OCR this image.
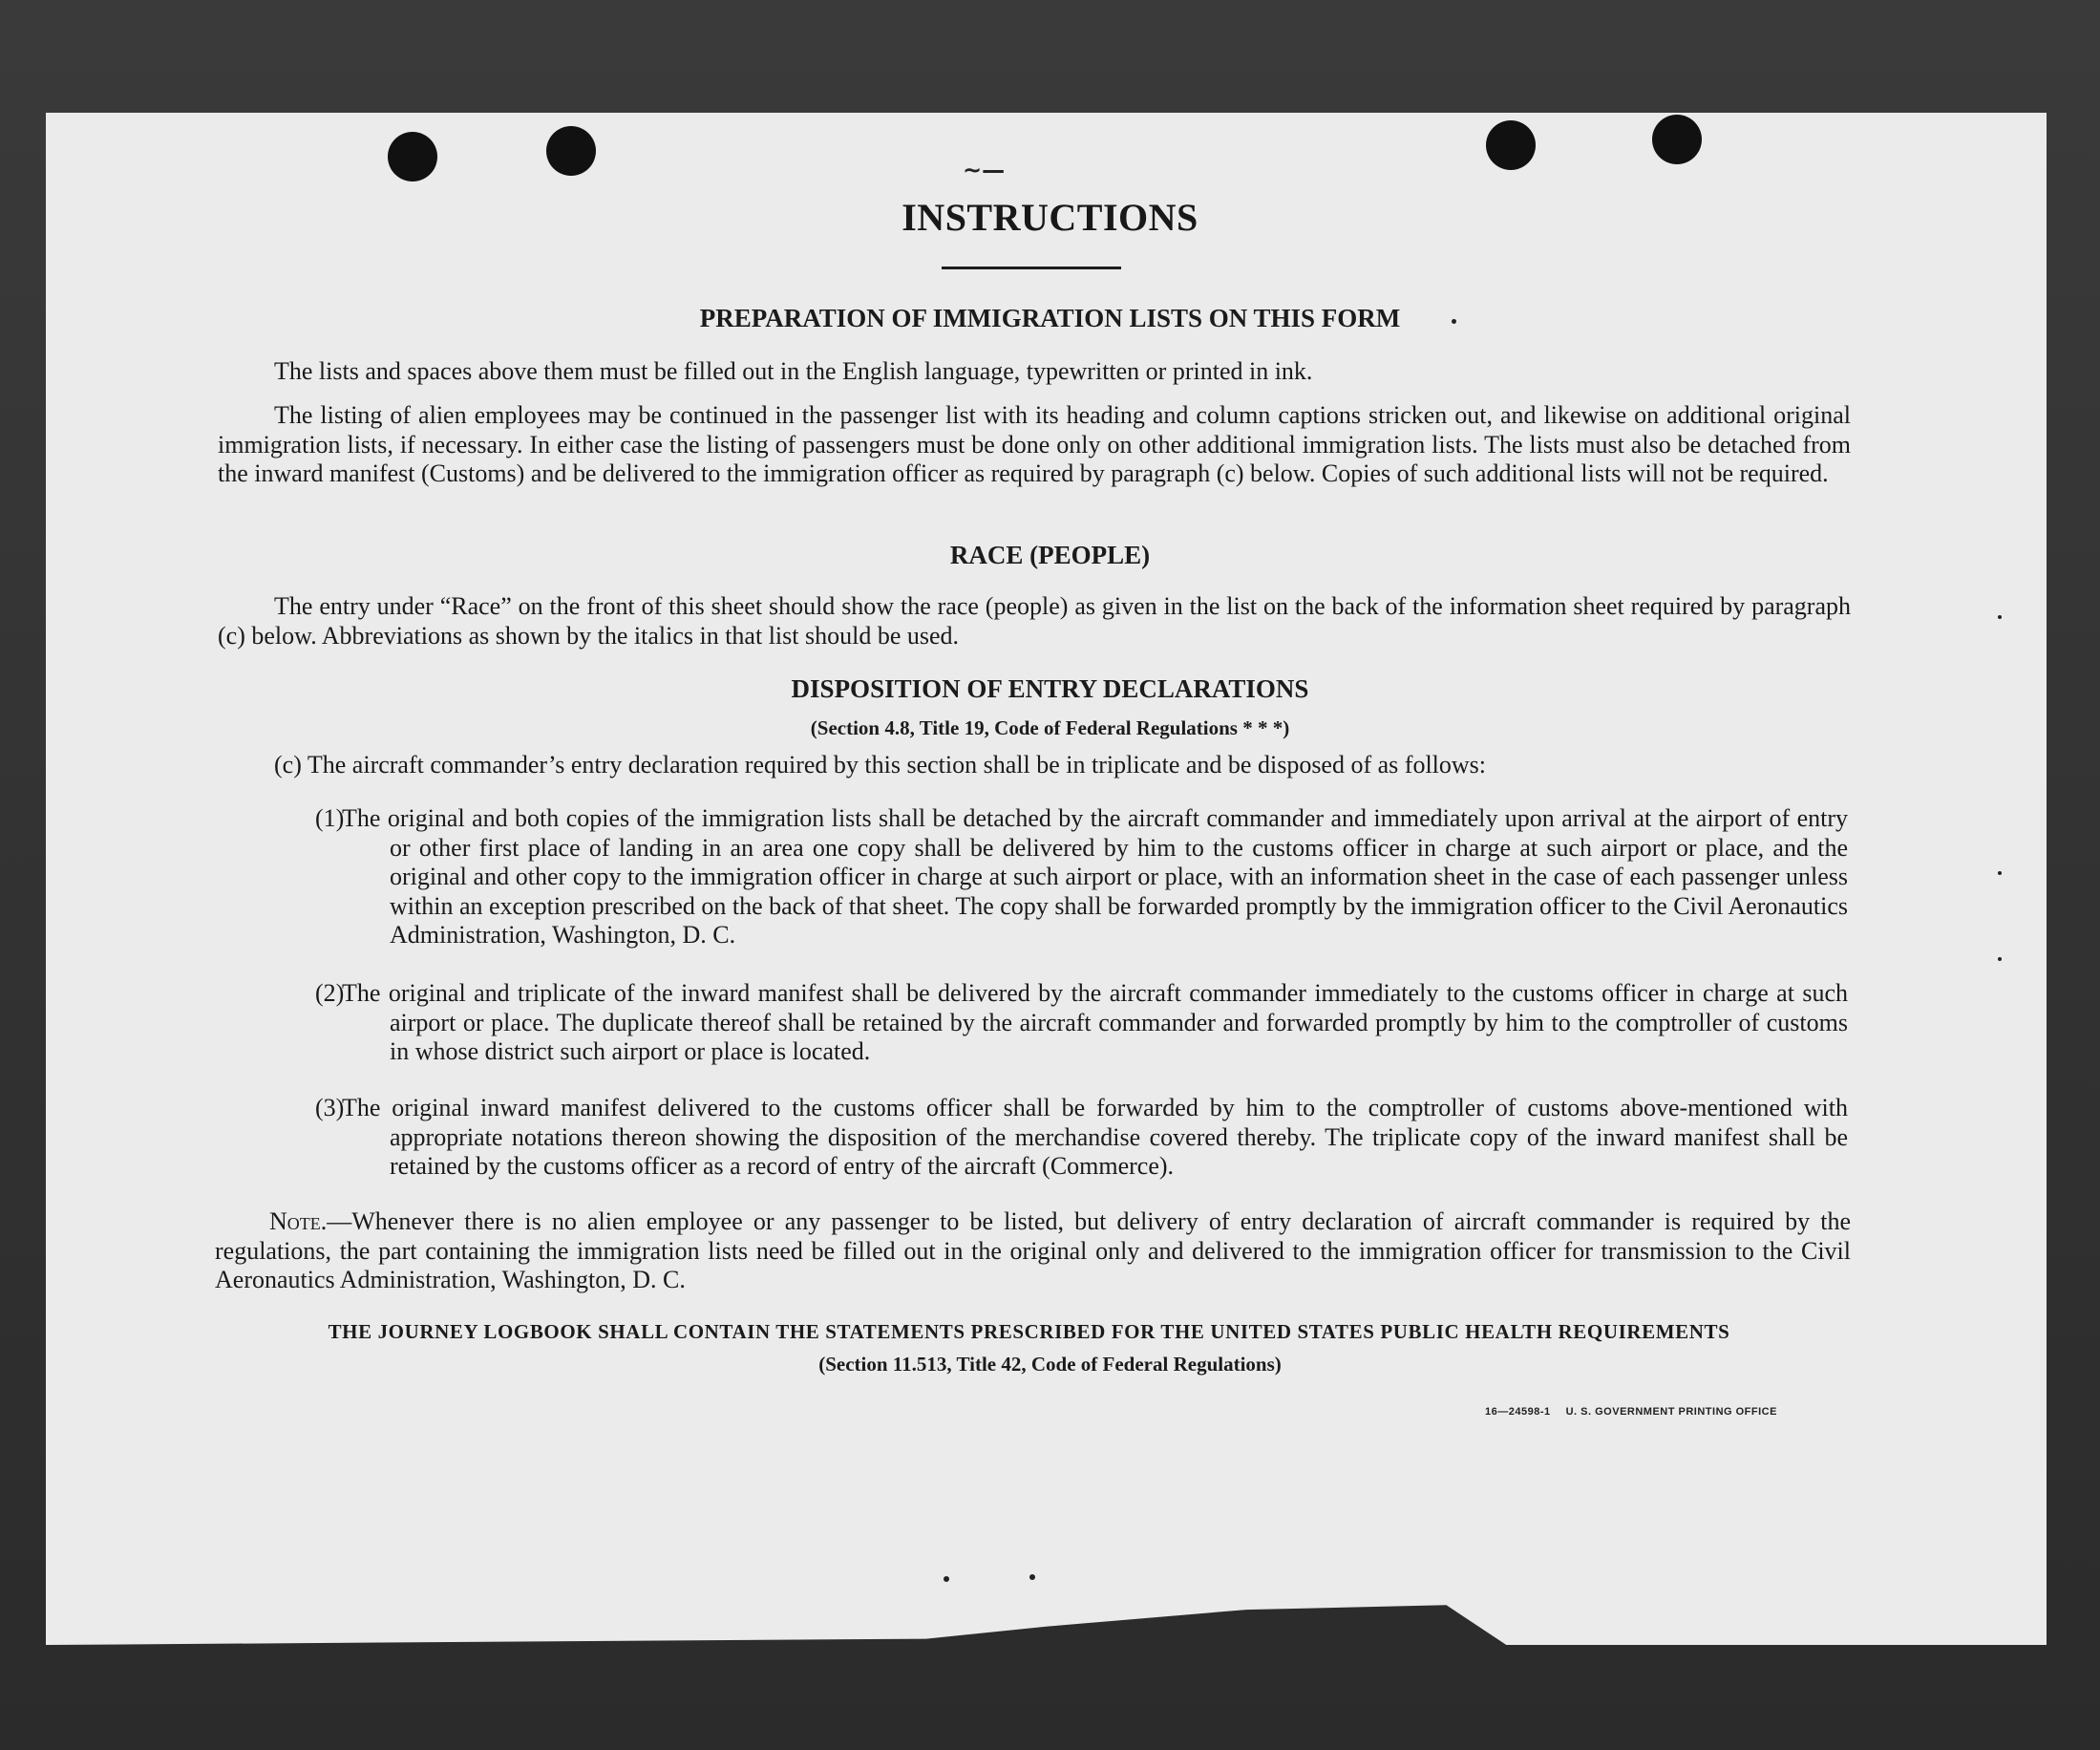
~—
INSTRUCTIONS
PREPARATION OF IMMIGRATION LISTS ON THIS FORM

The lists and spaces above them must be filled out in the English language, typewritten or printed in ink.

The listing of alien employees may be continued in the passenger list with its heading and column captions stricken out, and likewise on additional original immigration lists, if necessary. In either case the listing of passengers must be done only on other additional immigration lists. The lists must also be detached from the inward manifest (Customs) and be delivered to the immigration officer as required by paragraph (c) below. Copies of such additional lists will not be required.

RACE (PEOPLE)

The entry under “Race” on the front of this sheet should show the race (people) as given in the list on the back of the information sheet required by paragraph (c) below. Abbreviations as shown by the italics in that list should be used.

DISPOSITION OF ENTRY DECLARATIONS
(Section 4.8, Title 19, Code of Federal Regulations * * *)

(c) The aircraft commander’s entry declaration required by this section shall be in triplicate and be disposed of as follows:

(1)
The original and both copies of the immigration lists shall be detached by the aircraft commander and immediately upon arrival at the airport of entry or other first place of landing in an area one copy shall be delivered by him to the customs officer in charge at such airport or place, and the original and other copy to the immigration officer in charge at such airport or place, with an information sheet in the case of each passenger unless within an exception prescribed on the back of that sheet. The copy shall be forwarded promptly by the immigration officer to the Civil Aeronautics Administration, Washington, D. C.
(2)
The original and triplicate of the inward manifest shall be delivered by the aircraft commander immediately to the customs officer in charge at such airport or place. The duplicate thereof shall be retained by the aircraft commander and forwarded promptly by him to the comptroller of customs in whose district such airport or place is located.
(3)
The original inward manifest delivered to the customs officer shall be forwarded by him to the comptroller of customs above-mentioned with appropriate notations thereon showing the disposition of the merchandise covered thereby. The triplicate copy of the inward manifest shall be retained by the customs officer as a record of entry of the aircraft (Commerce).

Note.—Whenever there is no alien employee or any passenger to be listed, but delivery of entry declaration of aircraft commander is required by the regulations, the part containing the immigration lists need be filled out in the original only and delivered to the immigration officer for transmission to the Civil Aeronautics Administration, Washington, D. C.

THE JOURNEY LOGBOOK SHALL CONTAIN THE STATEMENTS PRESCRIBED FOR THE UNITED STATES PUBLIC HEALTH REQUIREMENTS
(Section 11.513, Title 42, Code of Federal Regulations)
16—24598-1 U. S. GOVERNMENT PRINTING OFFICE
